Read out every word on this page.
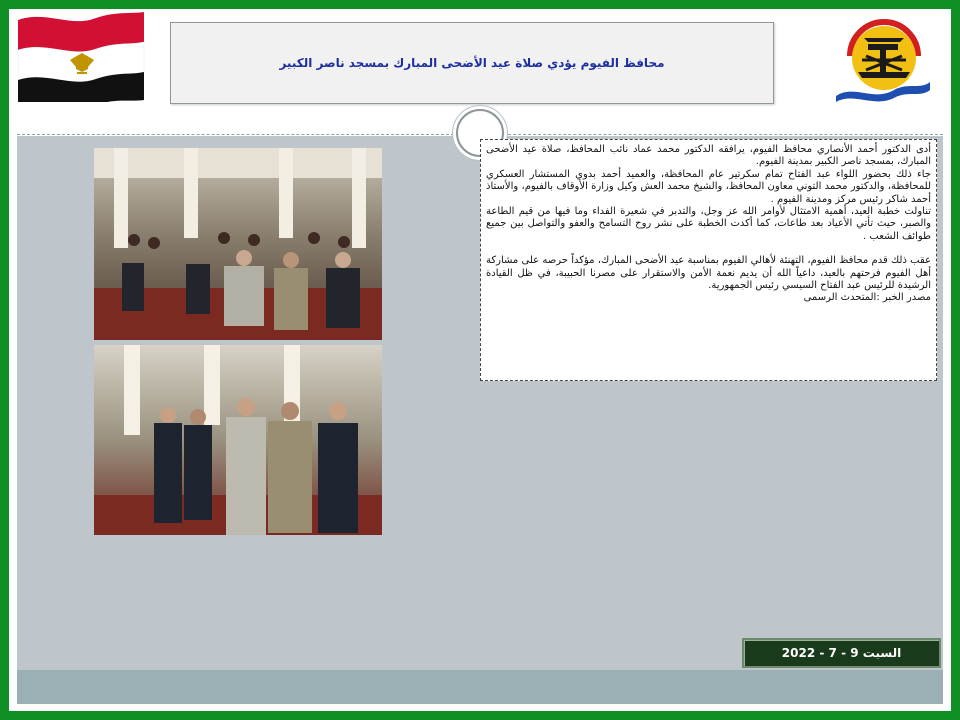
محافظ الفيوم يؤدي صلاة عيد الأضحى المبارك بمسجد ناصر الكبير

أدى الدكتور أحمد الأنصاري محافظ الفيوم، يرافقه الدكتور محمد عماد نائب المحافظ، صلاة عيد الأضحى المبارك، بمسجد ناصر الكبير بمدينة الفيوم.

جاء ذلك بحضور اللواء عبد الفتاح تمام سكرتير عام المحافظة، والعميد أحمد بدوي المستشار العسكري للمحافظة، والدكتور محمد التوني معاون المحافظ، والشيخ محمد العش وكيل وزارة الأوقاف بالفيوم، والأستاذ أحمد شاكر رئيس مركز ومدينة الفيوم .

تناولت خطبة العيد، أهمية الامتثال لأوامر الله عز وجل، والتدبر في شعيرة الفداء وما فيها من قيم الطاعة والصبر، حيث تأتي الأعياد بعد طاعات، كما أكدت الخطبة على نشر روح التسامح والعفو والتواصل بين جميع طوائف الشعب .

عقب ذلك قدم محافظ الفيوم، التهنئة لأهالي الفيوم بمناسبة عيد الأضحى المبارك، مؤكداً حرصه على مشاركة أهل الفيوم فرحتهم بالعيد، داعياً الله أن يديم نعمة الأمن والاستقرار على مصرنا الحبيبة، في ظل القيادة الرشيدة للرئيس عبد الفتاح السيسي رئيس الجمهورية.

مصدر الخبر :المتحدث الرسمى

السبت 9 - 7 - 2022
